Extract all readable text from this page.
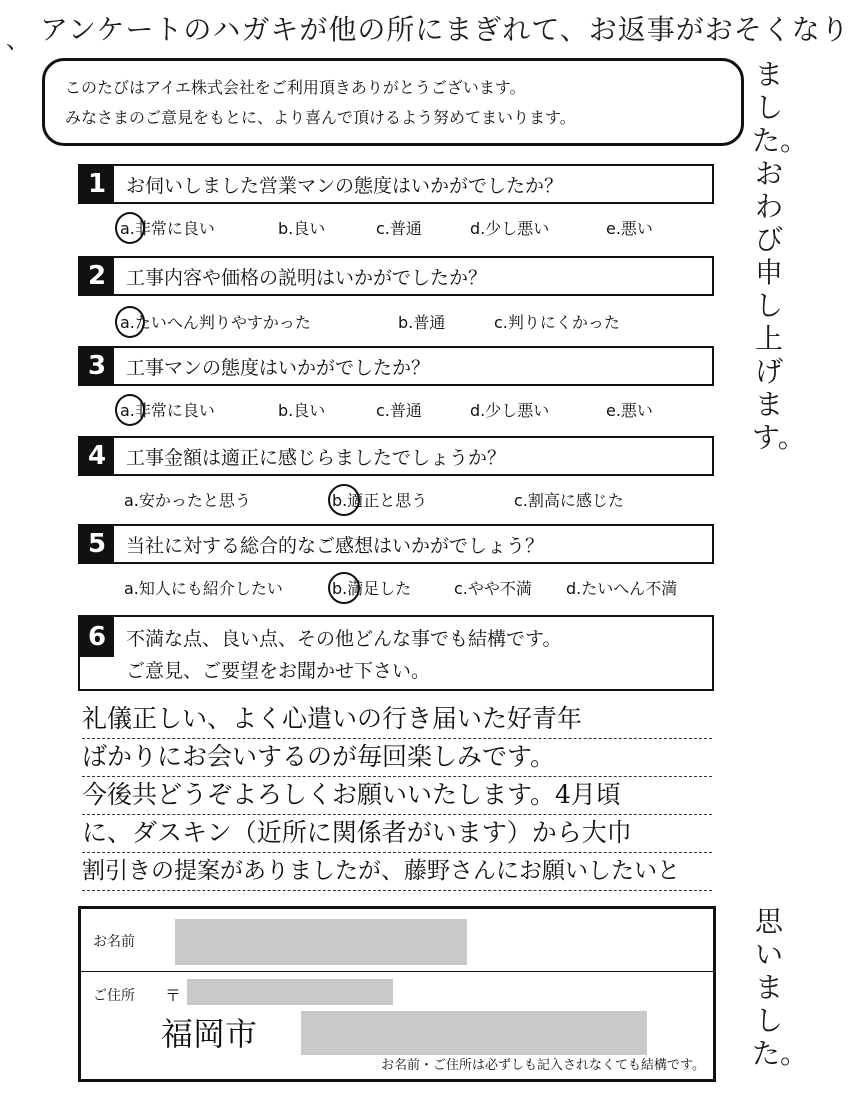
、 アンケートのハガキが他の所にまぎれて、お返事がおそくなり
ました。おわび申し上げます。
思いました。
このたびはアイエ株式会社をご利用頂きありがとうございます。
みなさまのご意見をもとに、より喜んで頂けるよう努めてまいります。
1	お伺いしました営業マンの態度はいかがでしたか？
a.非常に良い	b.良い	c.普通	d.少し悪い	e.悪い
2	工事内容や価格の説明はいかがでしたか？
a.たいへん判りやすかった	b.普通	c.判りにくかった
3	工事マンの態度はいかがでしたか？
a.非常に良い	b.良い	c.普通	d.少し悪い	e.悪い
4	工事金額は適正に感じらましたでしょうか？
a.安かったと思う	b.適正と思う	c.割高に感じた
5	当社に対する総合的なご感想はいかがでしょう？
a.知人にも紹介したい	b.満足した	c.やや不満 d.たいへん不満
6	不満な点、良い点、その他どんな事でも結構です。
ご意見、ご要望をお聞かせ下さい。
礼儀正しい、よく心遣いの行き届いた好青年
ばかりにお会いするのが毎回楽しみです。
今後共どうぞよろしくお願いいたします。4月頃
に、ダスキン（近所に関係者がいます）から大巾
割引きの提案がありましたが、藤野さんにお願いしたいと
お名前
ご住所 〒
福岡市
お名前・ご住所は必ずしも記入されなくても結構です。
